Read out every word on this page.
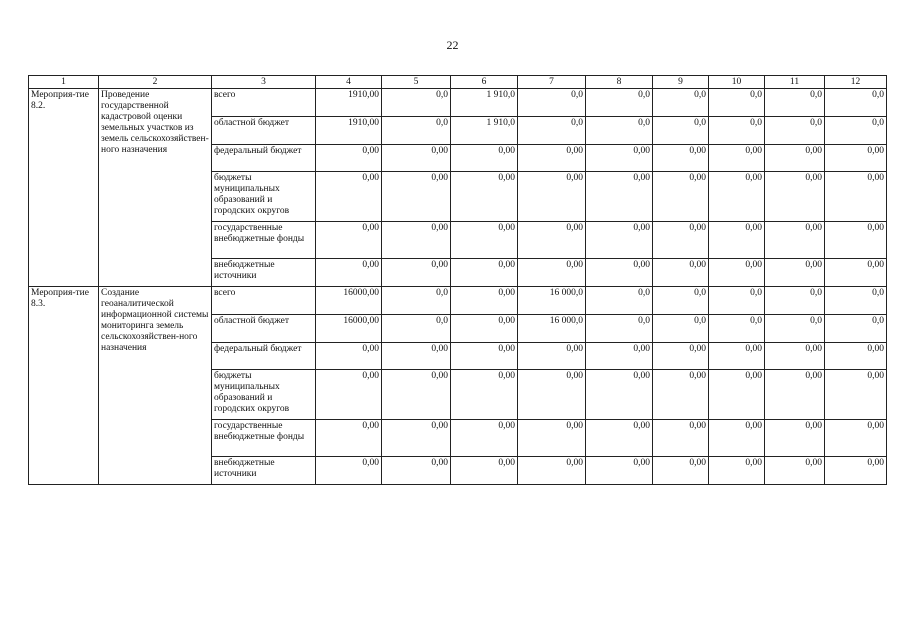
22
1	2	3	4	5	6	7	8	9	10	11	12
Мероприя-тие 8.2.	Проведение государственной кадастровой оценки земельных участков из земель сельскохозяйствен-ного назначения	всего	1910,00	0,0	1 910,0	0,0	0,0	0,0	0,0	0,0	0,0
		областной бюджет	1910,00	0,0	1 910,0	0,0	0,0	0,0	0,0	0,0	0,0
		федеральный бюджет	0,00	0,00	0,00	0,00	0,00	0,00	0,00	0,00	0,00
		бюджеты муниципальных образований и городских округов	0,00	0,00	0,00	0,00	0,00	0,00	0,00	0,00	0,00
		государственные внебюджетные фонды	0,00	0,00	0,00	0,00	0,00	0,00	0,00	0,00	0,00
		внебюджетные источники	0,00	0,00	0,00	0,00	0,00	0,00	0,00	0,00	0,00
Мероприя-тие 8.3.	Создание геоаналитической информационной системы мониторинга земель сельскохозяйствен-ного назначения	всего	16000,00	0,0	0,00	16 000,0	0,0	0,0	0,0	0,0	0,0
		областной бюджет	16000,00	0,0	0,00	16 000,0	0,0	0,0	0,0	0,0	0,0
		федеральный бюджет	0,00	0,00	0,00	0,00	0,00	0,00	0,00	0,00	0,00
		бюджеты муниципальных образований и городских округов	0,00	0,00	0,00	0,00	0,00	0,00	0,00	0,00	0,00
		государственные внебюджетные фонды	0,00	0,00	0,00	0,00	0,00	0,00	0,00	0,00	0,00
		внебюджетные источники	0,00	0,00	0,00	0,00	0,00	0,00	0,00	0,00	0,00
